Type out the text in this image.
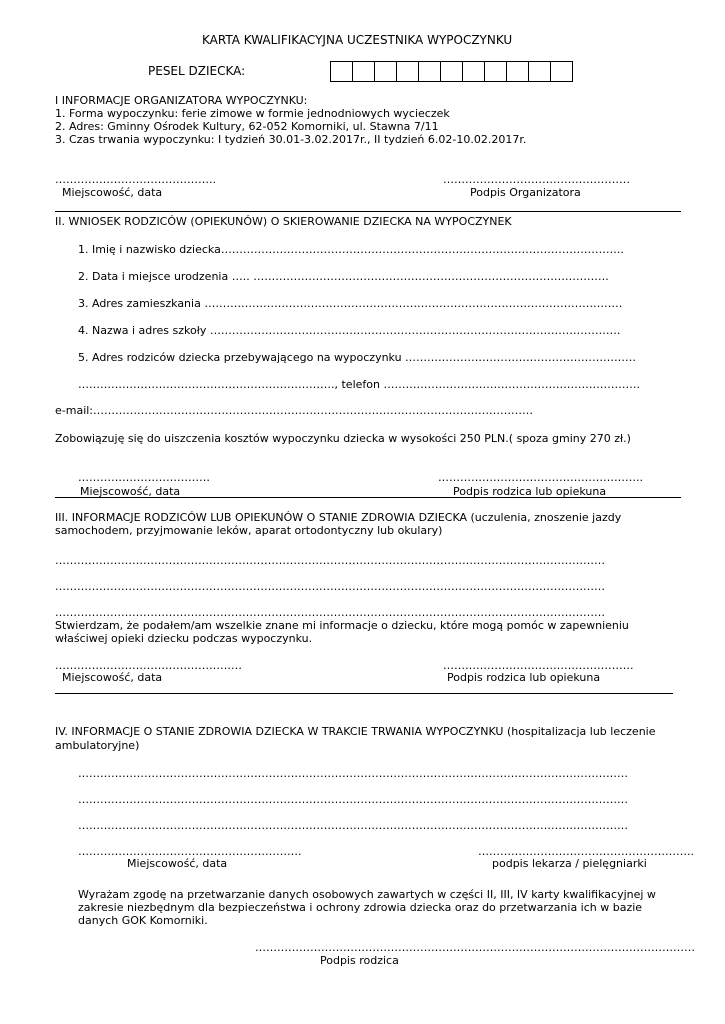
KARTA KWALIFIKACYJNA UCZESTNIKA WYPOCZYNKU
PESEL DZIECKA:
I INFORMACJE ORGANIZATORA WYPOCZYNKU:
1. Forma wypoczynku: ferie zimowe w formie jednodniowych wycieczek
2. Adres: Gminny Ośrodek Kultury, 62-052 Komorniki, ul. Stawna 7/11
3. Czas trwania wypoczynku: I tydzień 30.01-3.02.2017r., II tydzień 6.02-10.02.2017r.
……………………………………..	……………………………………………
Miejscowość, data	Podpis Organizatora
II. WNIOSEK RODZICÓW (OPIEKUNÓW) O SKIEROWANIE DZIECKA NA WYPOCZYNEK
1. Imię i nazwisko dziecka………………………………………………………………………………………………..
2. Data i miejsce urodzenia ….. …………………………………………………………………………………….
3. Adres zamieszkania ……………………………………………………………………………………………………
4. Nazwa i adres szkoły ………………………………………………………………………………………………….
5. Adres rodziców dziecka przebywającego na wypoczynku ………………………………………………………
……………………………………………………………., telefon …………………………………………………………….
e-mail:…………………………………………………………………………………………………………
Zobowiązuję się do uiszczenia kosztów wypoczynku dziecka w wysokości 250 PLN.( spoza gminy 270 zł.)
………………………………	………………………………………………..
Miejscowość, data	Podpis rodzica lub opiekuna
III. INFORMACJE RODZICÓW LUB OPIEKUNÓW O STANIE ZDROWIA DZIECKA (uczulenia, znoszenie jazdy
samochodem, przyjmowanie leków, aparat ortodontyczny lub okulary)
……………………………………………………………………………………………………………………………………
……………………………………………………………………………………………………………………………………
……………………………………………………………………………………………………………………………………
Stwierdzam, że podałem/am wszelkie znane mi informacje o dziecku, które mogą pomóc w zapewnieniu
właściwej opieki dziecku podczas wypoczynku.
……………………………………………	…………………………………………….
Miejscowość, data	Podpis rodzica lub opiekuna
IV. INFORMACJE O STANIE ZDROWIA DZIECKA W TRAKCIE TRWANIA WYPOCZYNKU (hospitalizacja lub leczenie
ambulatoryjne)
……………………………………………………………………………………………………………………………………
……………………………………………………………………………………………………………………………………
……………………………………………………………………………………………………………………………………
…………………………………………………….	…………………………………………………..
Miejscowość, data	podpis lekarza / pielęgniarki
Wyrażam zgodę na przetwarzanie danych osobowych zawartych w części II, III, IV karty kwalifikacyjnej w
zakresie niezbędnym dla bezpieczeństwa i ochrony zdrowia dziecka oraz do przetwarzania ich w bazie
danych GOK Komorniki.
…………………………………………………………………………………………………………
Podpis rodzica
